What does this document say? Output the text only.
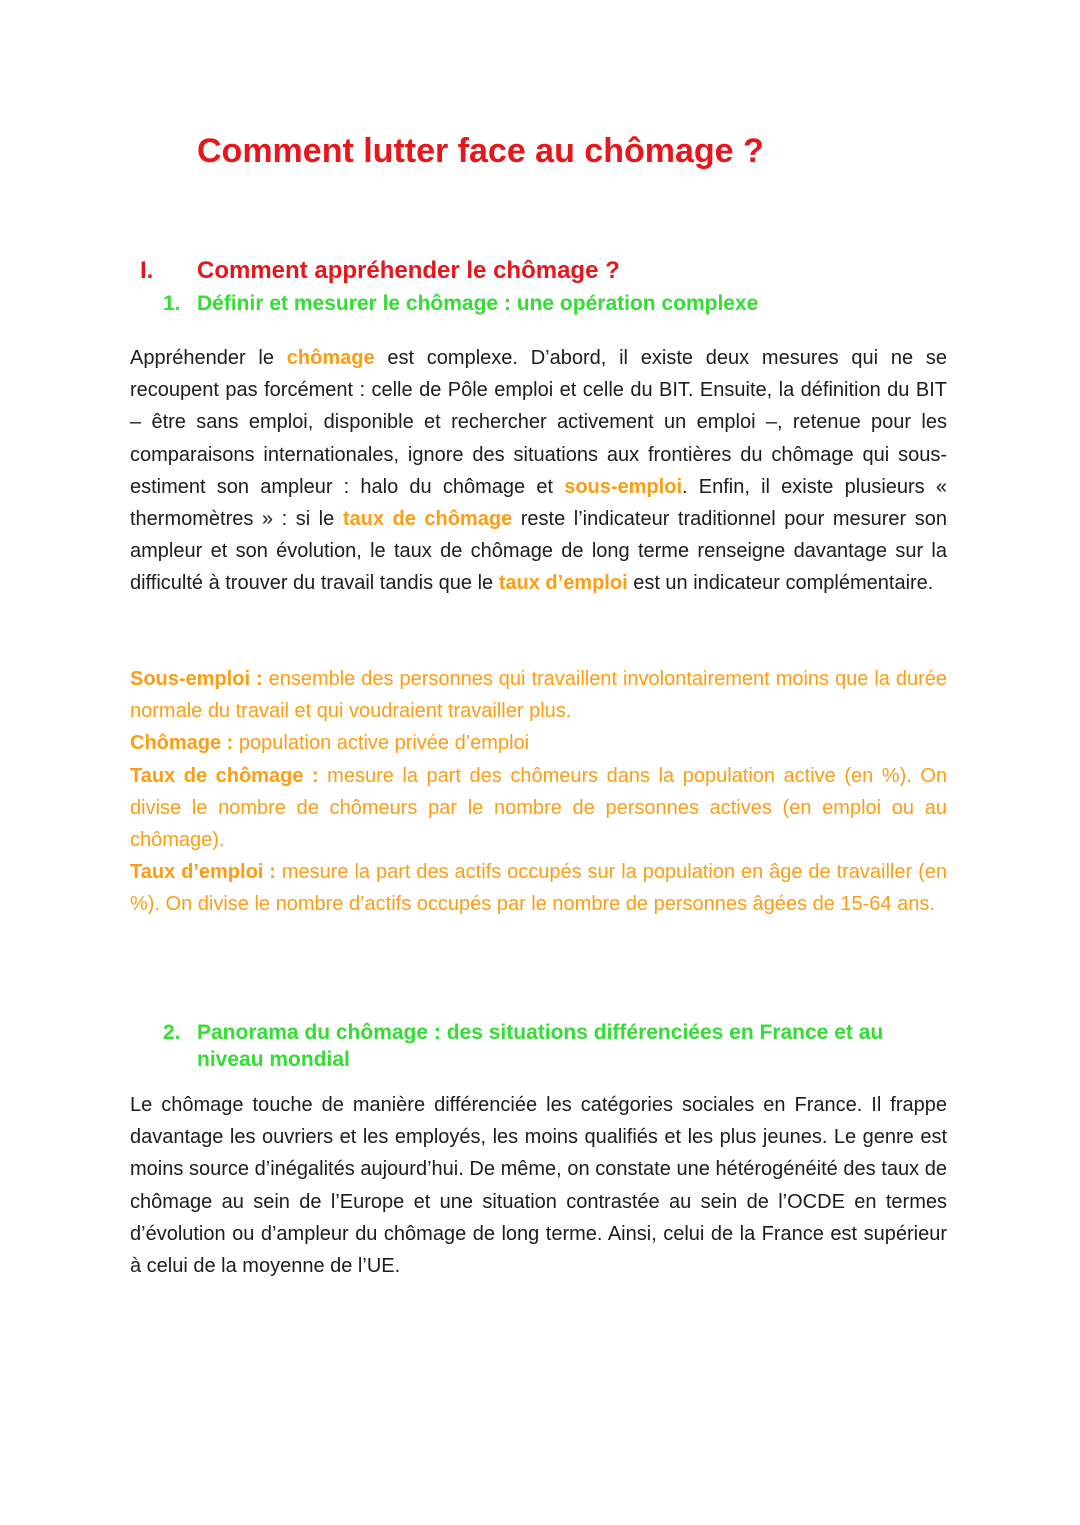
Comment lutter face au chômage ?
I. Comment appréhender le chômage ?
1. Définir et mesurer le chômage : une opération complexe

Appréhender le chômage est complexe. D’abord, il existe deux mesures qui ne se recoupent pas forcément : celle de Pôle emploi et celle du BIT. Ensuite, la définition du BIT – être sans emploi, disponible et rechercher activement un emploi –, retenue pour les comparaisons internationales, ignore des situations aux frontières du chômage qui sous-estiment son ampleur : halo du chômage et sous-emploi. Enfin, il existe plusieurs « thermomètres » : si le taux de chômage reste l’indicateur traditionnel pour mesurer son ampleur et son évolution, le taux de chômage de long terme renseigne davantage sur la difficulté à trouver du travail tandis que le taux d’emploi est un indicateur complémentaire.

Sous-emploi : ensemble des personnes qui travaillent involontairement moins que la durée normale du travail et qui voudraient travailler plus.

Chômage : population active privée d’emploi

Taux de chômage : mesure la part des chômeurs dans la population active (en %). On divise le nombre de chômeurs par le nombre de personnes actives (en emploi ou au chômage).

Taux d’emploi : mesure la part des actifs occupés sur la population en âge de travailler (en %). On divise le nombre d’actifs occupés par le nombre de personnes âgées de 15-64 ans.

2. Panorama du chômage : des situations différenciées en France et au niveau mondial

Le chômage touche de manière différenciée les catégories sociales en France. Il frappe davantage les ouvriers et les employés, les moins qualifiés et les plus jeunes. Le genre est moins source d’inégalités aujourd’hui. De même, on constate une hétérogénéité des taux de chômage au sein de l’Europe et une situation contrastée au sein de l’OCDE en termes d’évolution ou d’ampleur du chômage de long terme. Ainsi, celui de la France est supérieur à celui de la moyenne de l’UE.
